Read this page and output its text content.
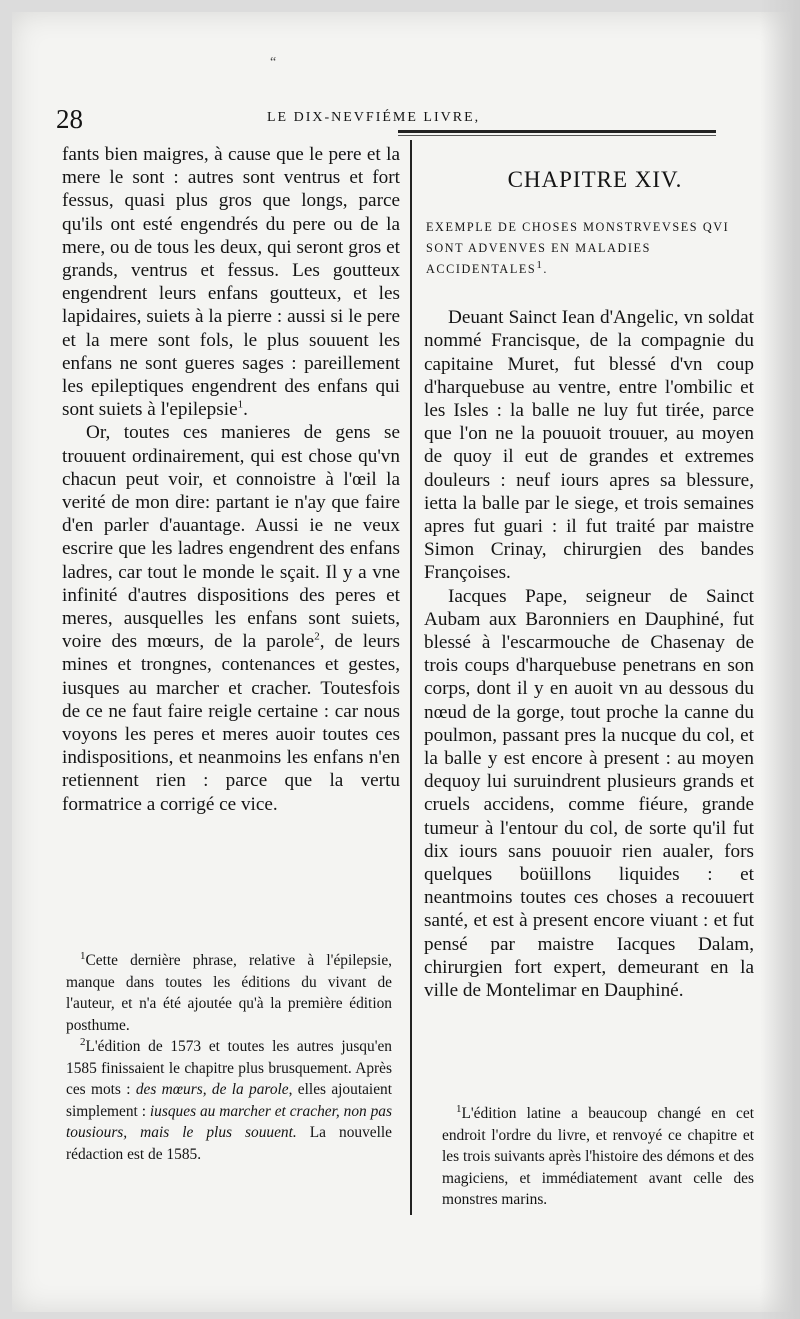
“
28	LE DIX-NEVFIÉME LIVRE,

fants bien maigres, à cause que le pere et la mere le sont : autres sont ventrus et fort fessus, quasi plus gros que longs, parce qu'ils ont esté engendrés du pere ou de la mere, ou de tous les deux, qui seront gros et grands, ventrus et fessus. Les goutteux engendrent leurs enfans goutteux, et les lapidaires, suiets à la pierre : aussi si le pere et la mere sont fols, le plus souuent les enfans ne sont gueres sages : pareillement les epileptiques engendrent des enfans qui sont suiets à l'epilepsie$^1$.

Or, toutes ces manieres de gens se trouuent ordinairement, qui est chose qu'vn chacun peut voir, et connoistre à l'œil la verité de mon dire: partant ie n'ay que faire d'en parler d'auantage. Aussi ie ne veux escrire que les ladres engendrent des enfans ladres, car tout le monde le sçait. Il y a vne infinité d'autres dispositions des peres et meres, ausquelles les enfans sont suiets, voire des mœurs, de la parole$^2$, de leurs mines et trongnes, contenances et gestes, iusques au marcher et cracher. Toutesfois de ce ne faut faire reigle certaine : car nous voyons les peres et meres auoir toutes ces indispositions, et neanmoins les enfans n'en retiennent rien : parce que la vertu formatrice a corrigé ce vice.

$^1$Cette dernière phrase, relative à l'épilepsie, manque dans toutes les éditions du vivant de l'auteur, et n'a été ajoutée qu'à la première édition posthume.

$^2$L'édition de 1573 et toutes les autres jusqu'en 1585 finissaient le chapitre plus brusquement. Après ces mots : des mœurs, de la parole, elles ajoutaient simplement : iusques au marcher et cracher, non pas tousiours, mais le plus souuent. La nouvelle rédaction est de 1585.

CHAPITRE XIV.
EXEMPLE DE CHOSES MONSTRVEVSES QVI SONT ADVENVES EN MALADIES ACCIDENTALES$^1$.

Deuant Sainct Iean d'Angelic, vn soldat nommé Francisque, de la compagnie du capitaine Muret, fut blessé d'vn coup d'harquebuse au ventre, entre l'ombilic et les Isles : la balle ne luy fut tirée, parce que l'on ne la pouuoit trouuer, au moyen de quoy il eut de grandes et extremes douleurs : neuf iours apres sa blessure, ietta la balle par le siege, et trois semaines apres fut guari : il fut traité par maistre Simon Crinay, chirurgien des bandes Françoises.

Iacques Pape, seigneur de Sainct Aubam aux Baronniers en Dauphiné, fut blessé à l'escarmouche de Chasenay de trois coups d'harquebuse penetrans en son corps, dont il y en auoit vn au dessous du nœud de la gorge, tout proche la canne du poulmon, passant pres la nucque du col, et la balle y est encore à present : au moyen dequoy lui suruindrent plusieurs grands et cruels accidens, comme fiéure, grande tumeur à l'entour du col, de sorte qu'il fut dix iours sans pouuoir rien aualer, fors quelques boüillons liquides : et neantmoins toutes ces choses a recouuert santé, et est à present encore viuant : et fut pensé par maistre Iacques Dalam, chirurgien fort expert, demeurant en la ville de Montelimar en Dauphiné.

$^1$L'édition latine a beaucoup changé en cet endroit l'ordre du livre, et renvoyé ce chapitre et les trois suivants après l'histoire des démons et des magiciens, et immédiatement avant celle des monstres marins.
